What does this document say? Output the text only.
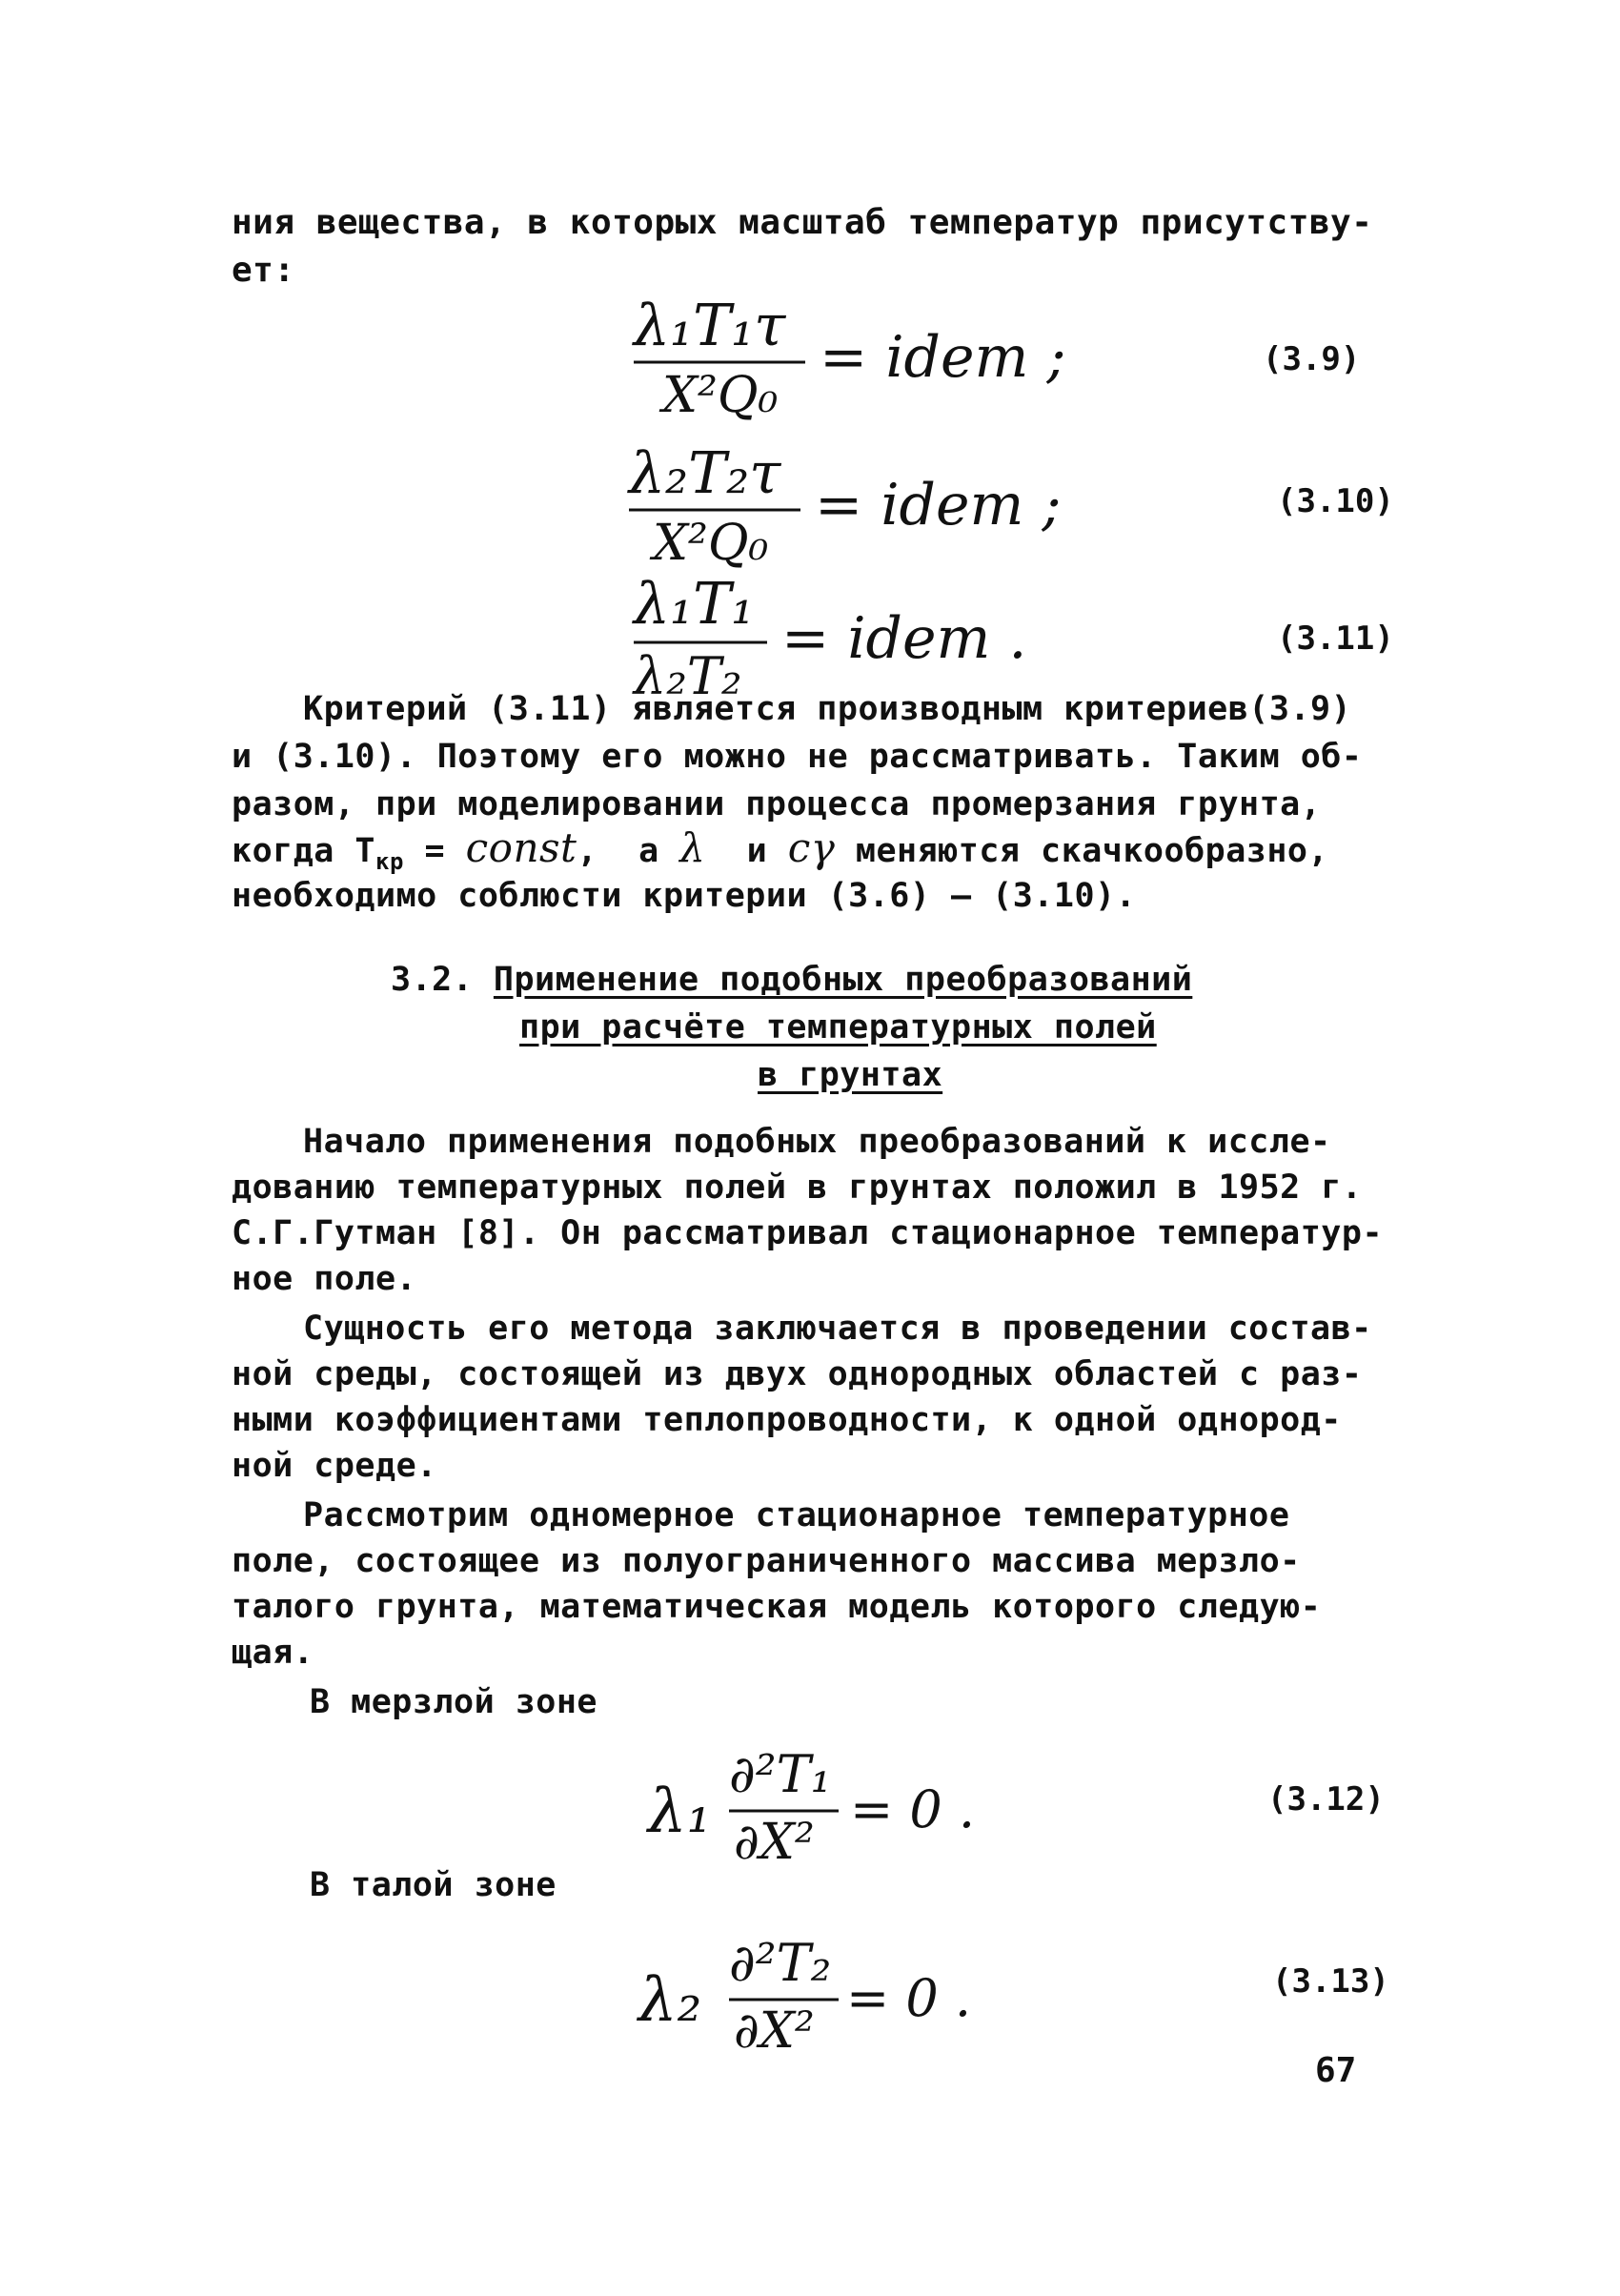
ния вещества, в которых масштаб температур присутству-
ет:
λ₁T₁τ
X²Q₀
= idem ;	(3.9)
λ₂T₂τ
X²Q₀
= idem ;	(3.10)
λ₁T₁
λ₂T₂
= idem .	(3.11)
Критерий (3.11) является производным критериев(3.9)
и (3.10). Поэтому его можно не рассматривать. Таким об-
разом, при моделировании процесса промерзания грунта,
когда $Т_{кр}$ = const,  а λ  и cγ меняются скачкообразно,
необходимо соблюсти критерии (3.6) – (3.10).
3.2. Применение подобных преобразований
при расчёте температурных полей
в грунтах
Начало применения подобных преобразований к иссле-
дованию температурных полей в грунтах положил в 1952 г.
С.Г.Гутман [8]. Он рассматривал стационарное температур-
ное поле.
Сущность его метода заключается в проведении состав-
ной среды, состоящей из двух однородных областей с раз-
ными коэффициентами теплопроводности, к одной однород-
ной среде.
Рассмотрим одномерное стационарное температурное
поле, состоящее из полуограниченного массива мерзло-
талого грунта, математическая модель которого следую-
щая.
В мерзлой зоне
λ₁
∂²T₁
∂X²
= 0 .	(3.12)
В талой зоне
λ₂
∂²T₂
∂X²
= 0 .	(3.13)
67
